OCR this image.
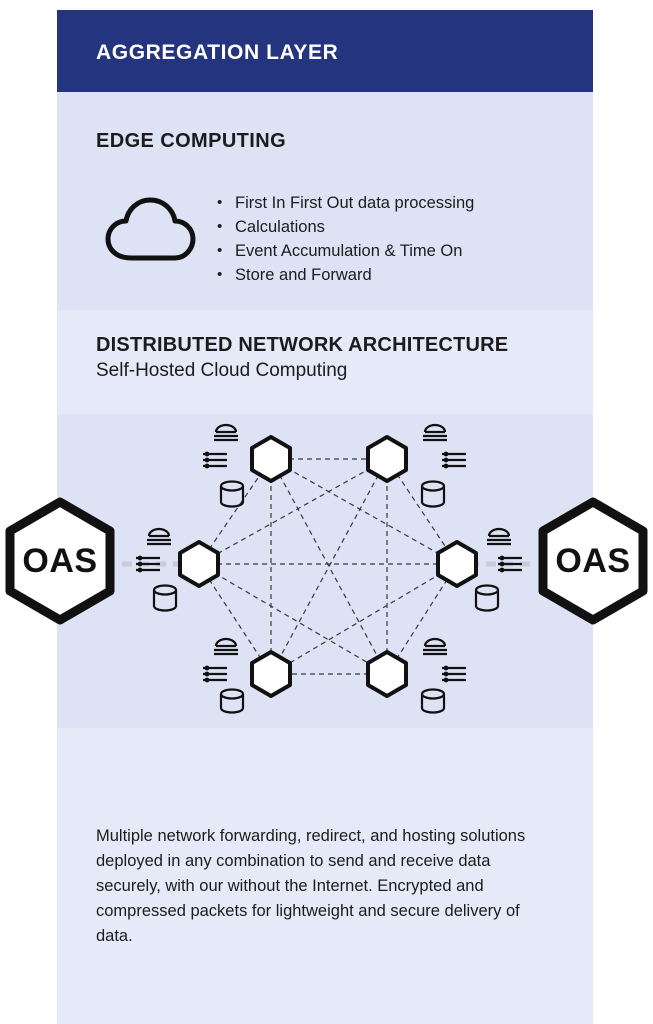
AGGREGATION LAYER
EDGE COMPUTING
• First In First Out data processing
• Calculations
• Event Accumulation & Time On
• Store and Forward
DISTRIBUTED NETWORK ARCHITECTURE
Self-Hosted Cloud Computing

Multiple network forwarding, redirect, and hosting solutions deployed in any combination to send and receive data securely, with our without the Internet. Encrypted and compressed packets for lightweight and secure delivery of data.

OAS	OAS
